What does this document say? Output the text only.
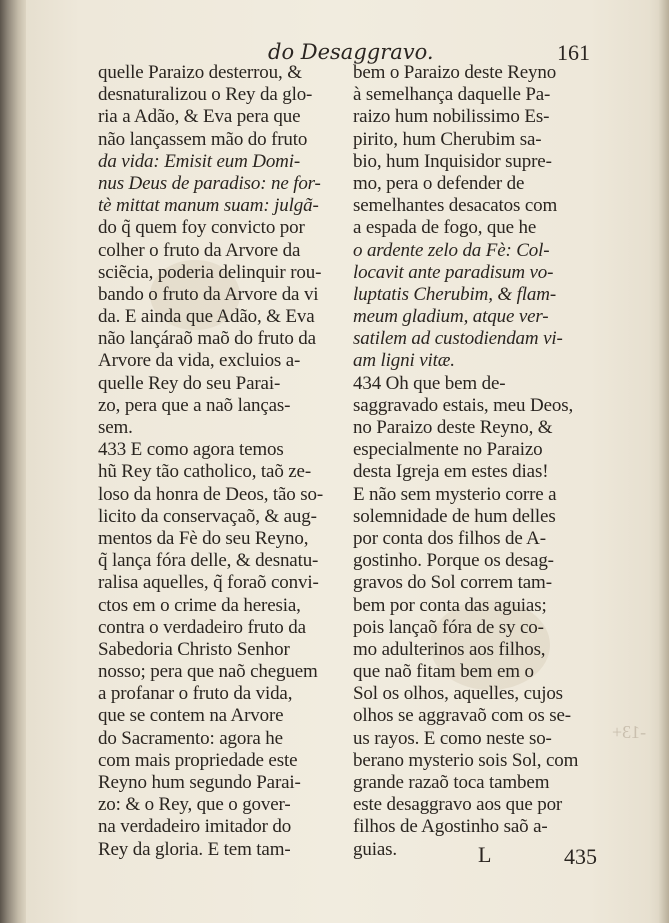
do Desaggravo.	161
quelle Paraizo desterrou, &
desnaturalizou o Rey da glo-
ria a Adão, & Eva pera que
não lançassem mão do fruto
da vida: Emisit eum Domi-
nus Deus de paradiso: ne for-
tè mittat manum suam: julgã-
do q̃ quem foy convicto por
colher o fruto da Arvore da
sciẽcia, poderia delinquir rou-
bando o fruto da Arvore da vi
da. E ainda que Adão, & Eva
não lançáraõ maõ do fruto da
Arvore da vida, excluios a-
quelle Rey do seu Parai-
zo, pera que a naõ lanças-
sem.
433 E como agora temos
hũ Rey tão catholico, taõ ze-
loso da honra de Deos, tão so-
licito da conservaçaõ, & aug-
mentos da Fè do seu Reyno,
q̃ lança fóra delle, & desnatu-
ralisa aquelles, q̃ foraõ convi-
ctos em o crime da heresia,
contra o verdadeiro fruto da
Sabedoria Christo Senhor
nosso; pera que naõ cheguem
a profanar o fruto da vida,
que se contem na Arvore
do Sacramento: agora he
com mais propriedade este
Reyno hum segundo Parai-
zo: & o Rey, que o gover-
na verdadeiro imitador do
Rey da gloria. E tem tam-
bem o Paraizo deste Reyno
à semelhança daquelle Pa-
raizo hum nobilissimo Es-
pirito, hum Cherubim sa-
bio, hum Inquisidor supre-
mo, pera o defender de
semelhantes desacatos com
a espada de fogo, que he
o ardente zelo da Fè: Col-
locavit ante paradisum vo-
luptatis Cherubim, & flam-
meum gladium, atque ver-
satilem ad custodiendam vi-
am ligni vitæ.
434 Oh que bem de-
saggravado estais, meu Deos,
no Paraizo deste Reyno, &
especialmente no Paraizo
desta Igreja em estes dias!
E não sem mysterio corre a
solemnidade de hum delles
por conta dos filhos de A-
gostinho. Porque os desag-
gravos do Sol correm tam-
bem por conta das aguias;
pois lançaõ fóra de sy co-
mo adulterinos aos filhos,
que naõ fitam bem em o
Sol os olhos, aquelles, cujos
olhos se aggravaõ com os se-
us rayos. E como neste so-
berano mysterio sois Sol, com
grande razaõ toca tambem
este desaggravo aos que por
filhos de Agostinho saõ a-
guias.
-13+
L	435
